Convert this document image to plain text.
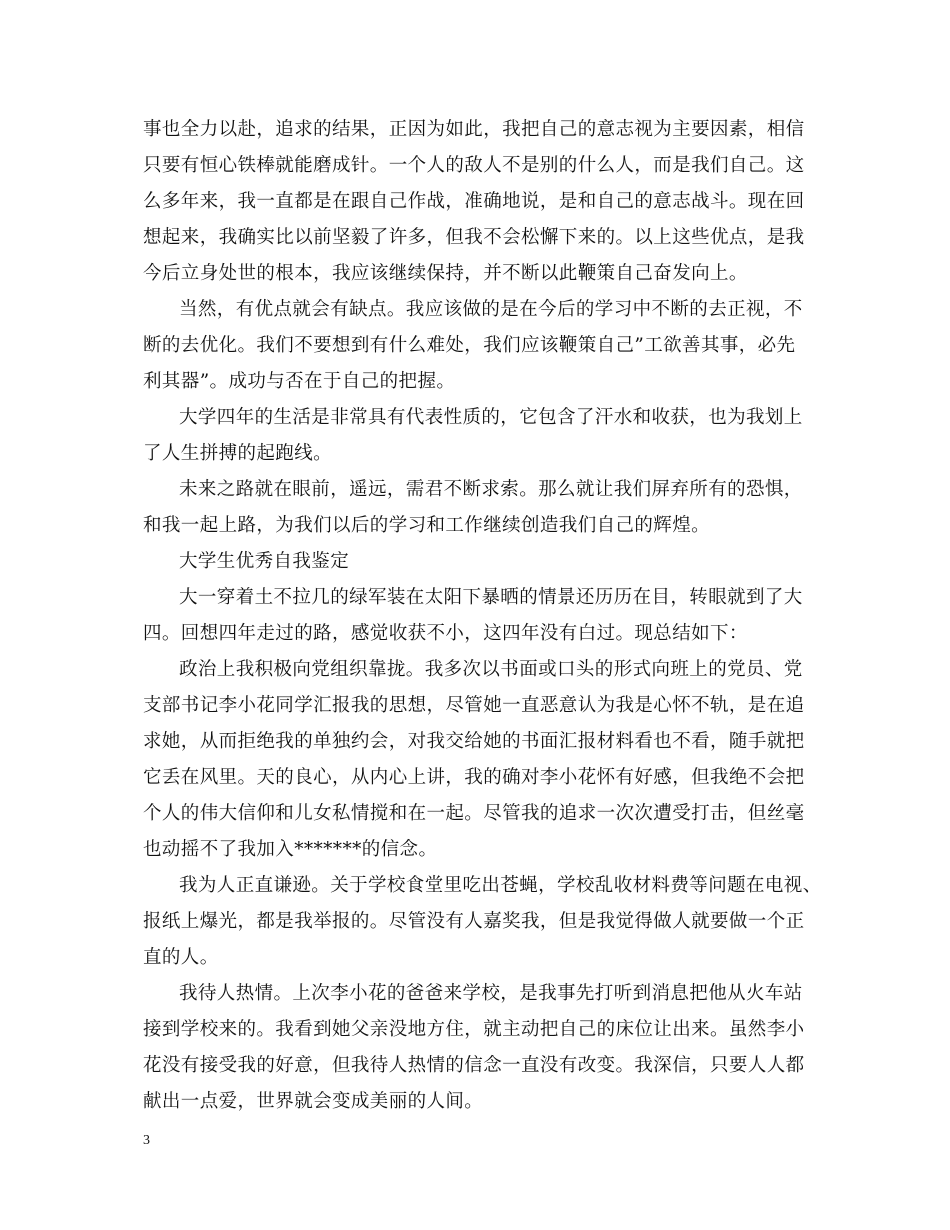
事也全力以赴，追求的结果，正因为如此，我把自己的意志视为主要因素，相信
只要有恒心铁棒就能磨成针。一个人的敌人不是别的什么人，而是我们自己。这
么多年来，我一直都是在跟自己作战，准确地说，是和自己的意志战斗。现在回
想起来，我确实比以前坚毅了许多，但我不会松懈下来的。以上这些优点，是我
今后立身处世的根本，我应该继续保持，并不断以此鞭策自己奋发向上。
当然，有优点就会有缺点。我应该做的是在今后的学习中不断的去正视，不
断的去优化。我们不要想到有什么难处，我们应该鞭策自己”工欲善其事，必先
利其器”。成功与否在于自己的把握。
大学四年的生活是非常具有代表性质的，它包含了汗水和收获，也为我划上
了人生拼搏的起跑线。
未来之路就在眼前，遥远，需君不断求索。那么就让我们屏弃所有的恐惧，
和我一起上路，为我们以后的学习和工作继续创造我们自己的辉煌。
大学生优秀自我鉴定
大一穿着土不拉几的绿军装在太阳下暴晒的情景还历历在目，转眼就到了大
四。回想四年走过的路，感觉收获不小，这四年没有白过。现总结如下：
政治上我积极向党组织靠拢。我多次以书面或口头的形式向班上的党员、党
支部书记李小花同学汇报我的思想，尽管她一直恶意认为我是心怀不轨，是在追
求她，从而拒绝我的单独约会，对我交给她的书面汇报材料看也不看，随手就把
它丢在风里。天的良心，从内心上讲，我的确对李小花怀有好感，但我绝不会把
个人的伟大信仰和儿女私情搅和在一起。尽管我的追求一次次遭受打击，但丝毫
也动摇不了我加入*******的信念。
我为人正直谦逊。关于学校食堂里吃出苍蝇，学校乱收材料费等问题在电视、
报纸上爆光，都是我举报的。尽管没有人嘉奖我，但是我觉得做人就要做一个正
直的人。
我待人热情。上次李小花的爸爸来学校，是我事先打听到消息把他从火车站
接到学校来的。我看到她父亲没地方住，就主动把自己的床位让出来。虽然李小
花没有接受我的好意，但我待人热情的信念一直没有改变。我深信，只要人人都
献出一点爱，世界就会变成美丽的人间。
3
